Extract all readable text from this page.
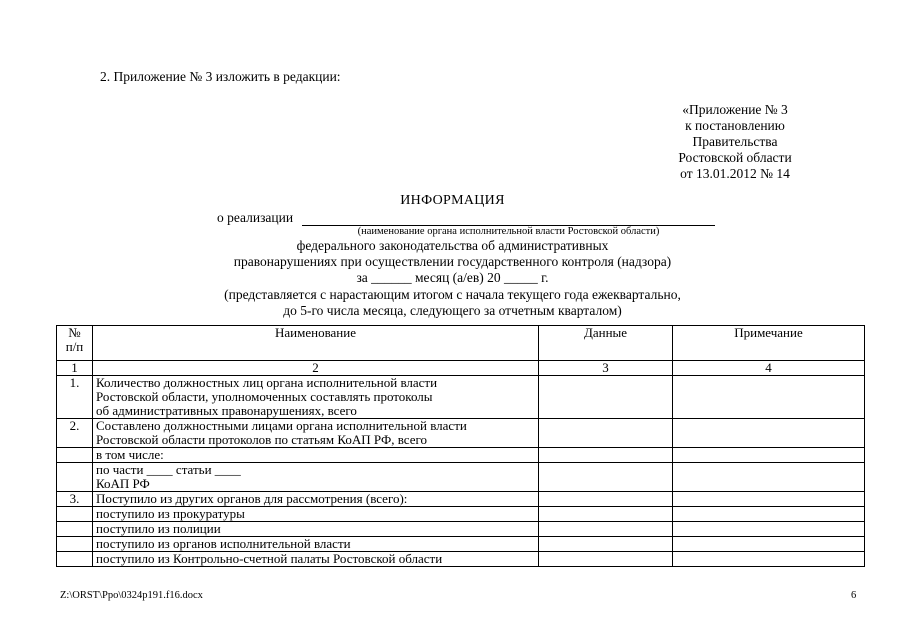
2. Приложение № 3 изложить в редакции:
«Приложение № 3
к постановлению
Правительства
Ростовской области
от 13.01.2012 № 14
ИНФОРМАЦИЯ
о реализации
(наименование органа исполнительной власти Ростовской области)
федерального законодательства об административных
правонарушениях при осуществлении государственного контроля (надзора)
за ______ месяц (а/ев) 20 _____ г.
(представляется с нарастающим итогом с начала текущего года ежеквартально,
до 5-го числа месяца, следующего за отчетным кварталом)
№
п/п	Наименование	Данные	Примечание
1	2	3	4
1.	Количество должностных лиц органа исполнительной власти
Ростовской области, уполномоченных составлять протоколы
об административных правонарушениях, всего		

2.	Составлено должностными лицами органа исполнительной власти
Ростовской области протоколов по статьям КоАП РФ, всего		

	в том числе:		

	по части ____ статьи ____
КоАП РФ		

3.	Поступило из других органов для рассмотрения (всего):		

	поступило из прокуратуры		

	поступило из полиции		

	поступило из органов исполнительной власти		

	поступило из Контрольно-счетной палаты Ростовской области		

Z:\ORST\Ppo\0324p191.f16.docx	6
